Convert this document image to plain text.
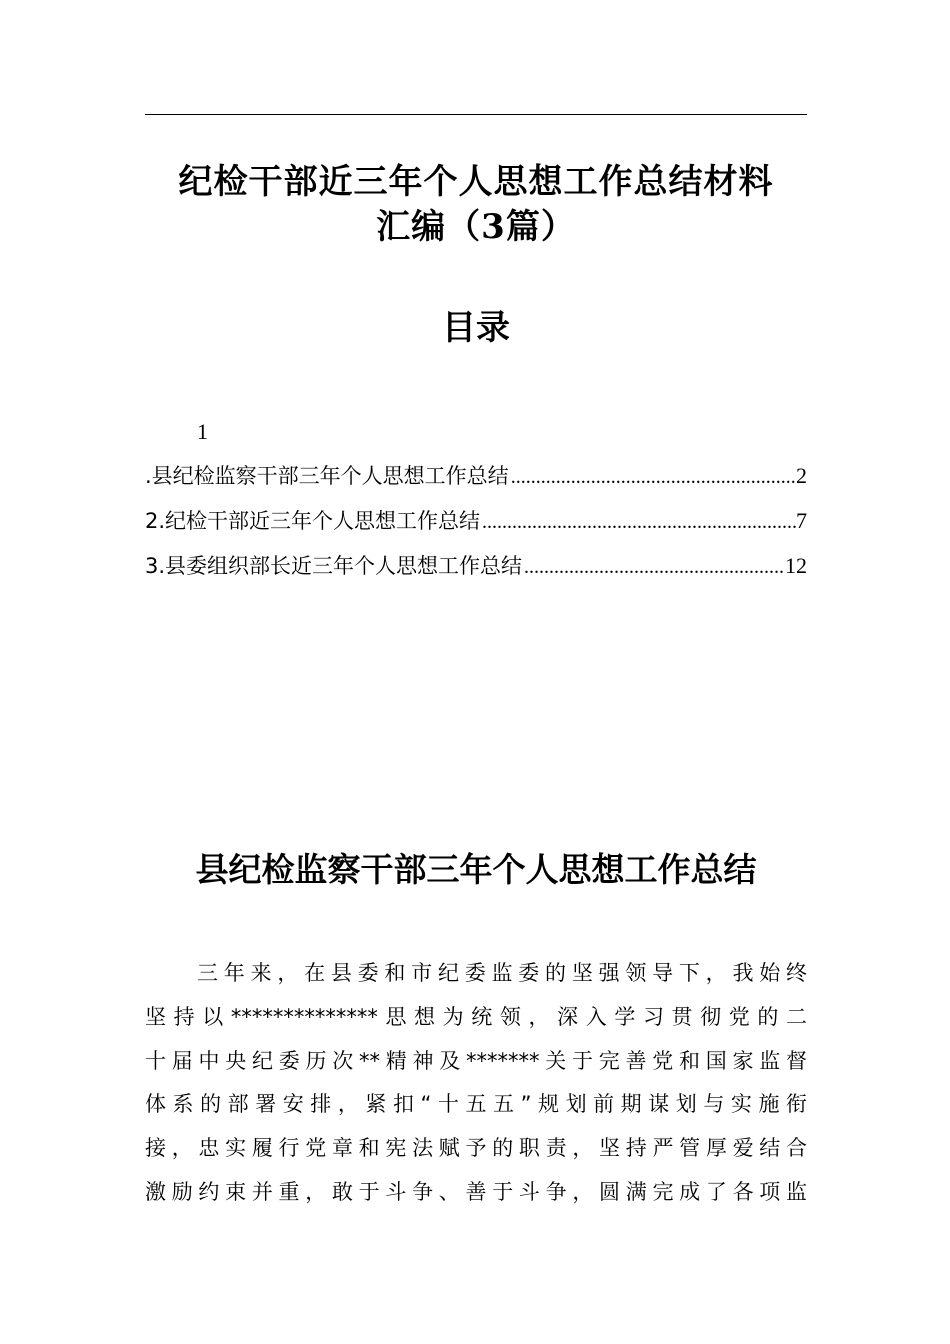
纪检干部近三年个人思想工作总结材料
汇编（3篇）
目录
1
.县纪检监察干部三年个人思想工作总结 .....	2
2.纪检干部近三年个人思想工作总结 .....	7
3.县委组织部长近三年个人思想工作总结 .....	12
县纪检监察干部三年个人思想工作总结
三年来，在县委和市纪委监委的坚强领导下，我始终
坚持以**************思想为统领，深入学习贯彻党的二
十届中央纪委历次**精神及*******关于完善党和国家监督
体系的部署安排，紧扣“十五五”规划前期谋划与实施衔
接，忠实履行党章和宪法赋予的职责，坚持严管厚爱结合
激励约束并重，敢于斗争、善于斗争，圆满完成了各项监
